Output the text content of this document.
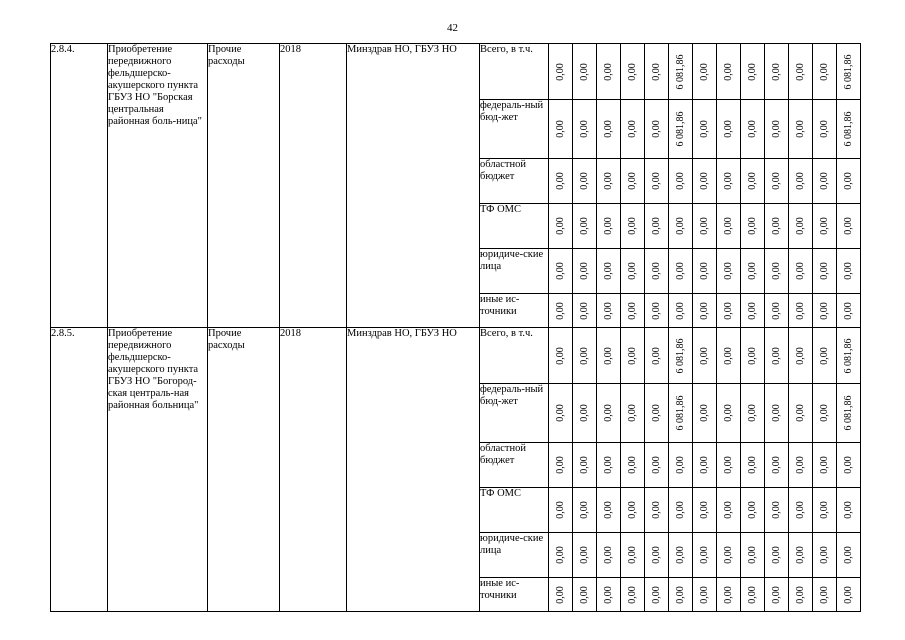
42
2.8.4.	Приобретение передвижного фельдшерско-акушерского пункта ГБУЗ НО "Борская центральная районная боль-ница"	Прочие расходы	2018	Минздрав НО, ГБУЗ НО	Всего, в т.ч.	0,00	0,00	0,00	0,00	0,00	6 081,86	0,00	0,00	0,00	0,00	0,00	0,00	6 081,86

					федераль-ный бюд-жет	0,00	0,00	0,00	0,00	0,00	6 081,86	0,00	0,00	0,00	0,00	0,00	0,00	6 081,86

					областной бюджет	0,00	0,00	0,00	0,00	0,00	0,00	0,00	0,00	0,00	0,00	0,00	0,00	0,00

					ТФ ОМС	0,00	0,00	0,00	0,00	0,00	0,00	0,00	0,00	0,00	0,00	0,00	0,00	0,00

					юридиче-ские лица	0,00	0,00	0,00	0,00	0,00	0,00	0,00	0,00	0,00	0,00	0,00	0,00	0,00

					иные ис-точники	0,00	0,00	0,00	0,00	0,00	0,00	0,00	0,00	0,00	0,00	0,00	0,00	0,00

2.8.5.	Приобретение передвижного фельдшерско-акушерского пункта ГБУЗ НО "Богород-ская централь-ная районная больница"	Прочие расходы	2018	Минздрав НО, ГБУЗ НО	Всего, в т.ч.	0,00	0,00	0,00	0,00	0,00	6 081,86	0,00	0,00	0,00	0,00	0,00	0,00	6 081,86

					федераль-ный бюд-жет	0,00	0,00	0,00	0,00	0,00	6 081,86	0,00	0,00	0,00	0,00	0,00	0,00	6 081,86

					областной бюджет	0,00	0,00	0,00	0,00	0,00	0,00	0,00	0,00	0,00	0,00	0,00	0,00	0,00

					ТФ ОМС	0,00	0,00	0,00	0,00	0,00	0,00	0,00	0,00	0,00	0,00	0,00	0,00	0,00

					юридиче-ские лица	0,00	0,00	0,00	0,00	0,00	0,00	0,00	0,00	0,00	0,00	0,00	0,00	0,00

					иные ис-точники	0,00	0,00	0,00	0,00	0,00	0,00	0,00	0,00	0,00	0,00	0,00	0,00	0,00
